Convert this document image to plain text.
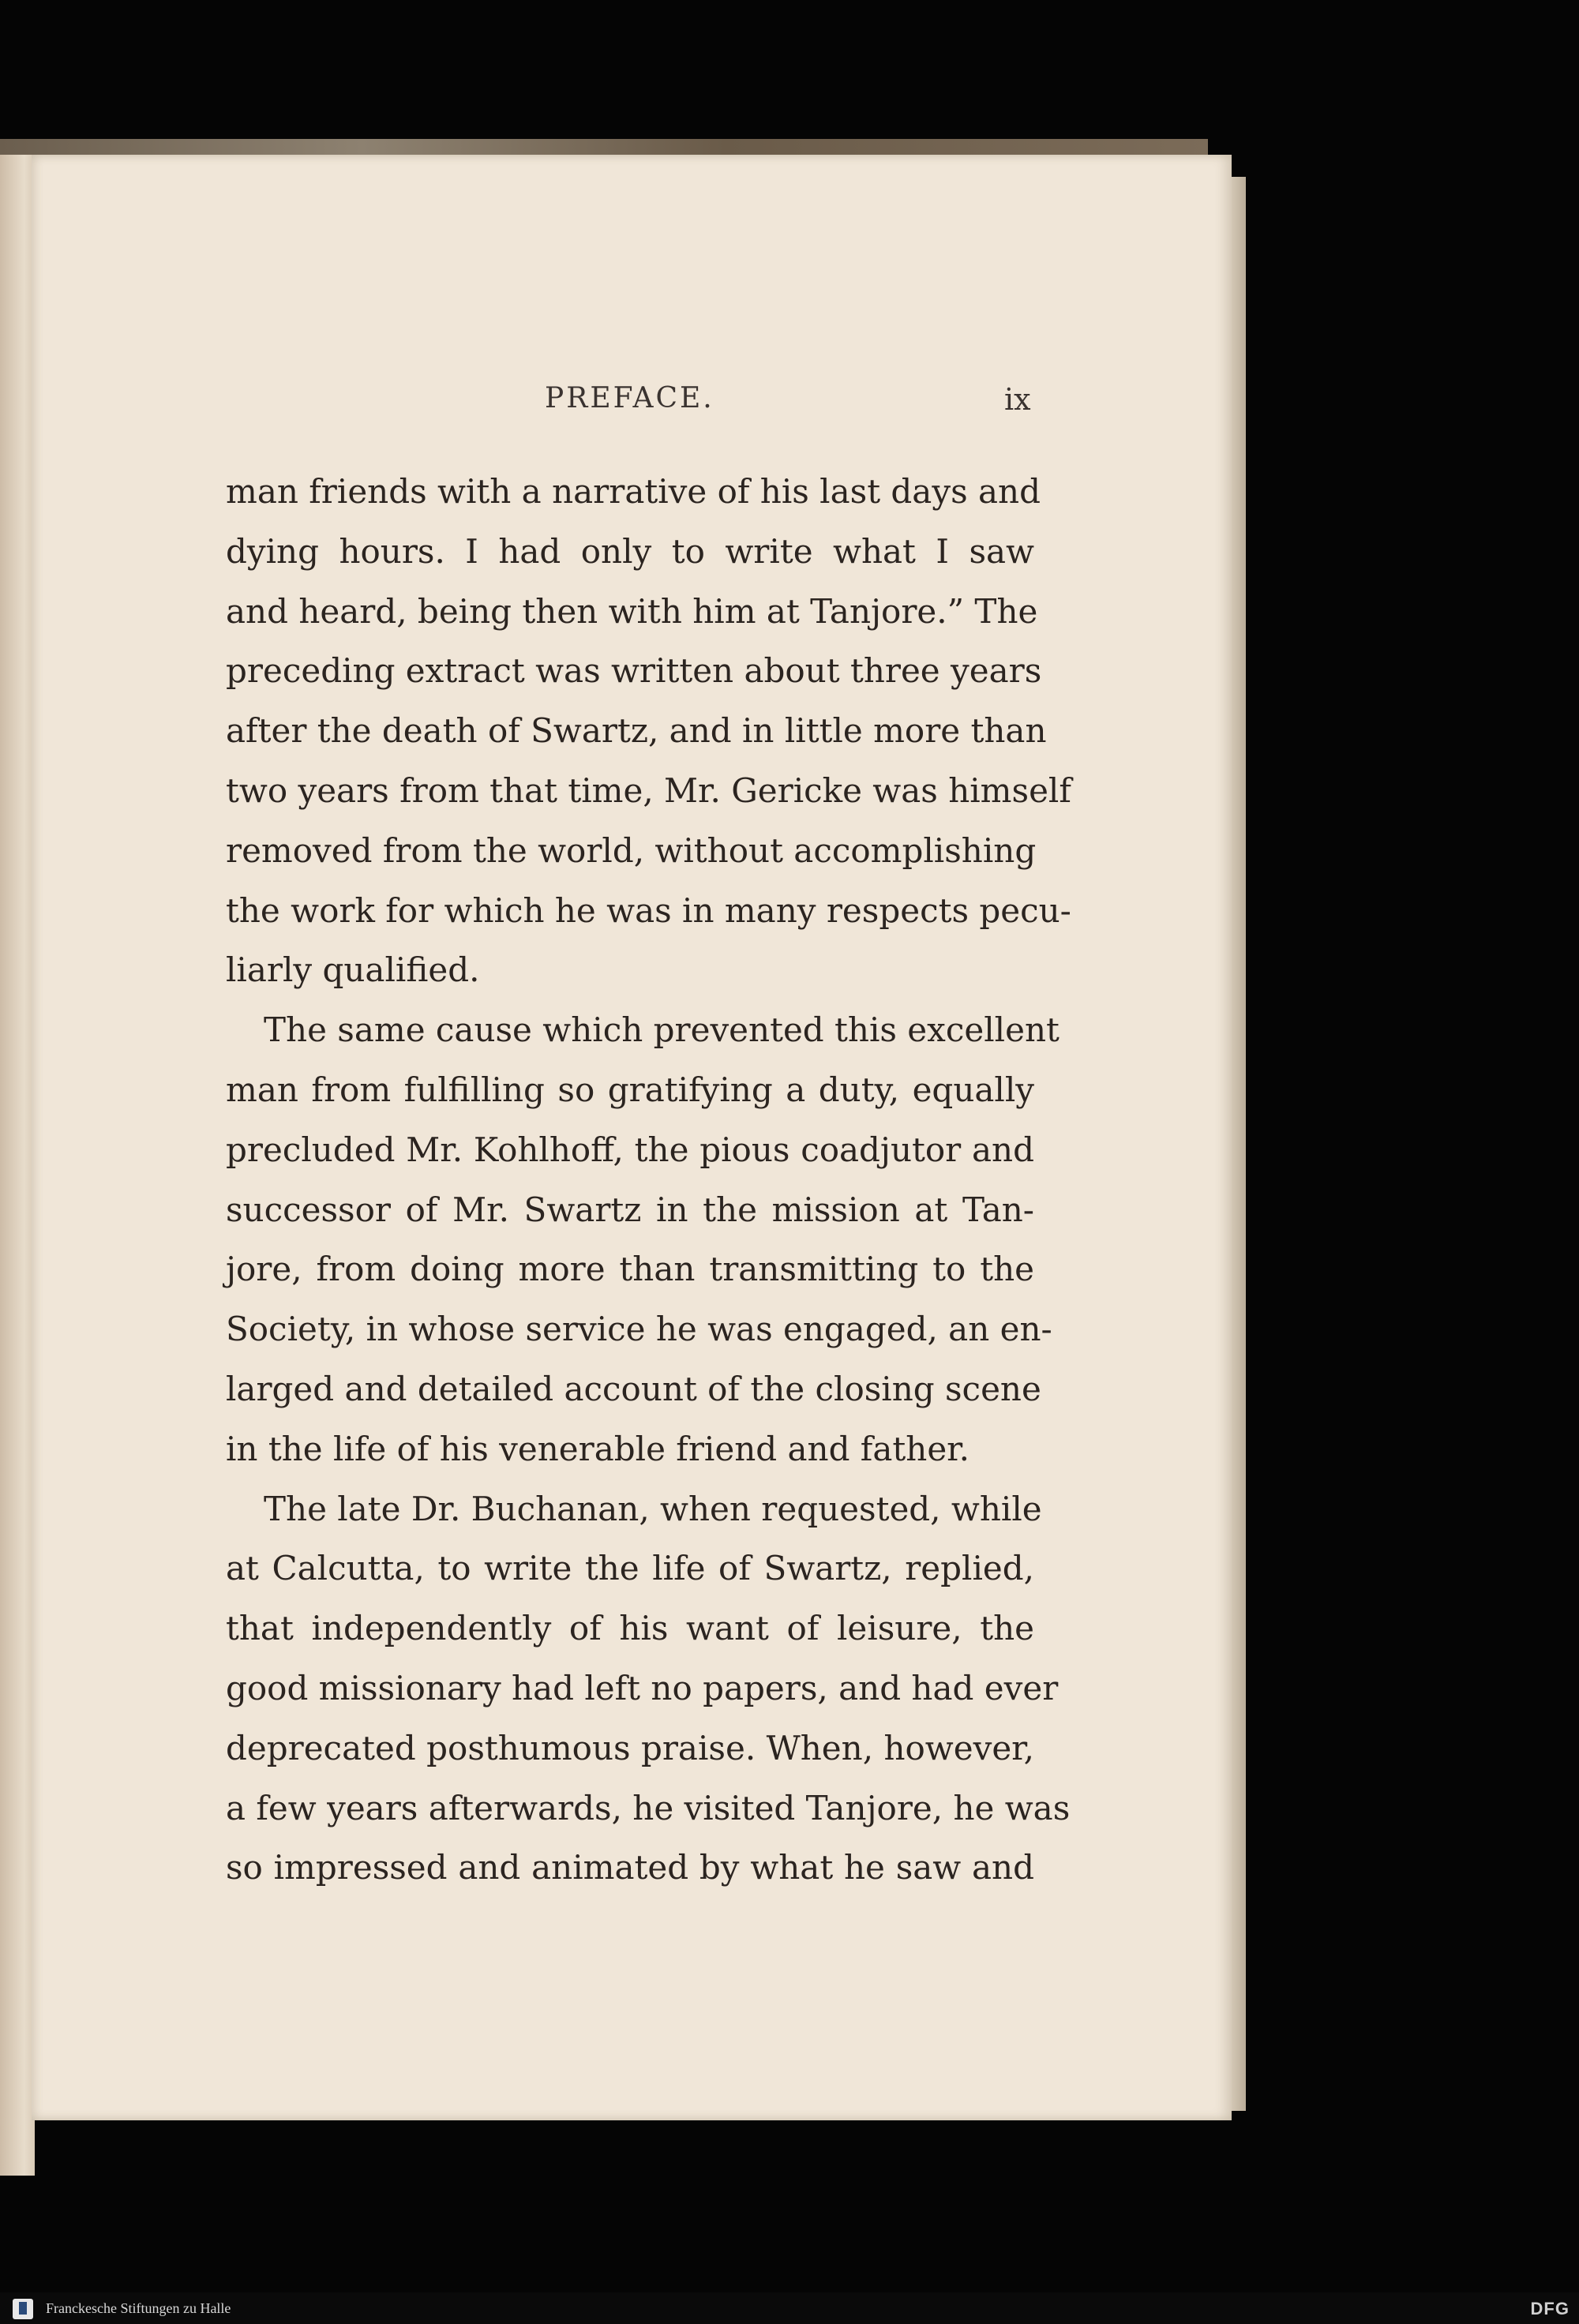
PREFACE.	ix
man friends with a narrative of his last days and
dying hours. I had only to write what I saw
and heard, being then with him at Tanjore.” The
preceding extract was written about three years
after the death of Swartz, and in little more than
two years from that time, Mr. Gericke was himself
removed from the world, without accomplishing
the work for which he was in many respects pecu-
liarly qualified.
The same cause which prevented this excellent
man from fulfilling so gratifying a duty, equally
precluded Mr. Kohlhoff, the pious coadjutor and
successor of Mr. Swartz in the mission at Tan-
jore, from doing more than transmitting to the
Society, in whose service he was engaged, an en-
larged and detailed account of the closing scene
in the life of his venerable friend and father.
The late Dr. Buchanan, when requested, while
at Calcutta, to write the life of Swartz, replied,
that independently of his want of leisure, the
good missionary had left no papers, and had ever
deprecated posthumous praise. When, however,
a few years afterwards, he visited Tanjore, he was
so impressed and animated by what he saw and
Franckesche Stiftungen zu Halle	DFG
